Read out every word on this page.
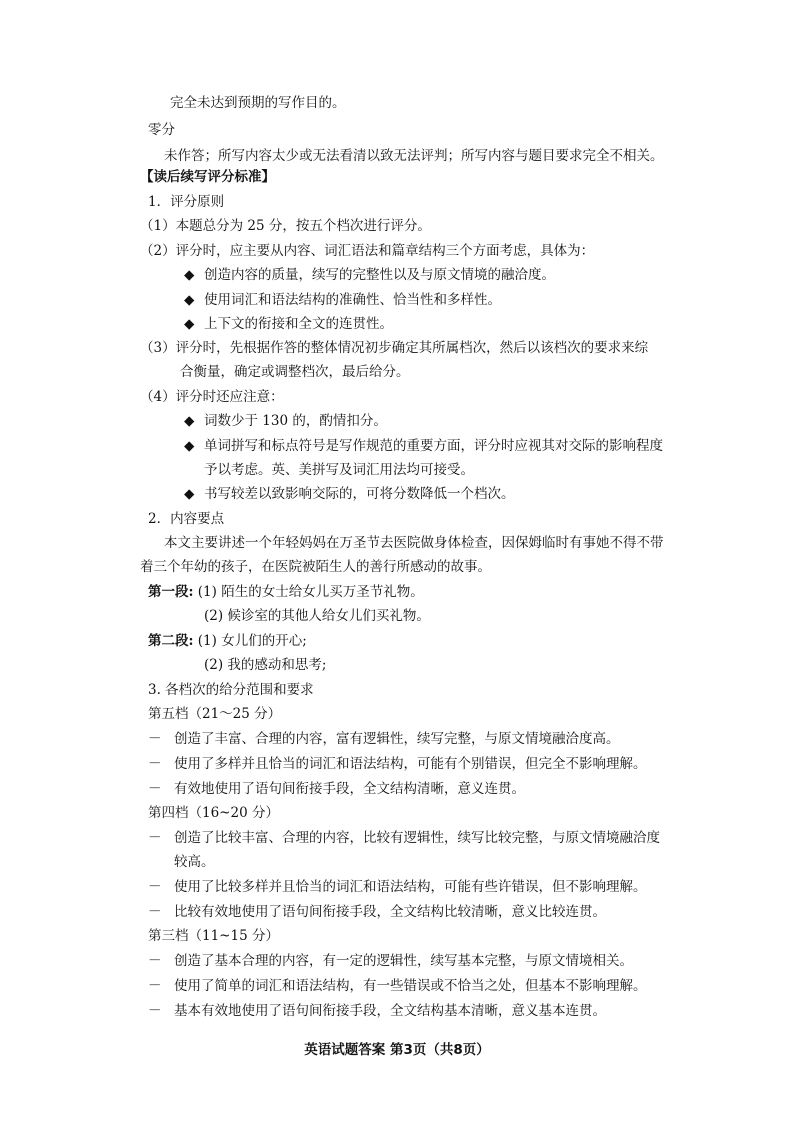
完全未达到预期的写作目的。
零分
未作答；所写内容太少或无法看清以致无法评判；所写内容与题目要求完全不相关。
【读后续写评分标准】
1．评分原则
（1）本题总分为 25 分，按五个档次进行评分。
（2）评分时，应主要从内容、词汇语法和篇章结构三个方面考虑，具体为：
◆ 创造内容的质量，续写的完整性以及与原文情境的融洽度。
◆ 使用词汇和语法结构的准确性、恰当性和多样性。
◆ 上下文的衔接和全文的连贯性。
（3）评分时，先根据作答的整体情况初步确定其所属档次，然后以该档次的要求来综
合衡量，确定或调整档次，最后给分。
（4）评分时还应注意：
◆ 词数少于 130 的，酌情扣分。
◆ 单词拼写和标点符号是写作规范的重要方面，评分时应视其对交际的影响程度
予以考虑。英、美拼写及词汇用法均可接受。
◆ 书写较差以致影响交际的，可将分数降低一个档次。
2．内容要点
本文主要讲述一个年轻妈妈在万圣节去医院做身体检查，因保姆临时有事她不得不带
着三个年幼的孩子，在医院被陌生人的善行所感动的故事。
第一段: (1) 陌生的女士给女儿买万圣节礼物。
(2) 候诊室的其他人给女儿们买礼物。
第二段: (1) 女儿们的开心;
(2) 我的感动和思考;
3. 各档次的给分范围和要求
第五档（21～25 分）
－ 创造了丰富、合理的内容，富有逻辑性，续写完整，与原文情境融洽度高。
－ 使用了多样并且恰当的词汇和语法结构，可能有个别错误，但完全不影响理解。
－ 有效地使用了语句间衔接手段，全文结构清晰，意义连贯。
第四档（16~20 分）
－ 创造了比较丰富、合理的内容，比较有逻辑性，续写比较完整，与原文情境融洽度
较高。
－ 使用了比较多样并且恰当的词汇和语法结构，可能有些许错误，但不影响理解。
－ 比较有效地使用了语句间衔接手段，全文结构比较清晰，意义比较连贯。
第三档（11~15 分）
－ 创造了基本合理的内容，有一定的逻辑性，续写基本完整，与原文情境相关。
－ 使用了简单的词汇和语法结构，有一些错误或不恰当之处，但基本不影响理解。
－ 基本有效地使用了语句间衔接手段，全文结构基本清晰，意义基本连贯。
英语试题答案 第3页（共8页）
